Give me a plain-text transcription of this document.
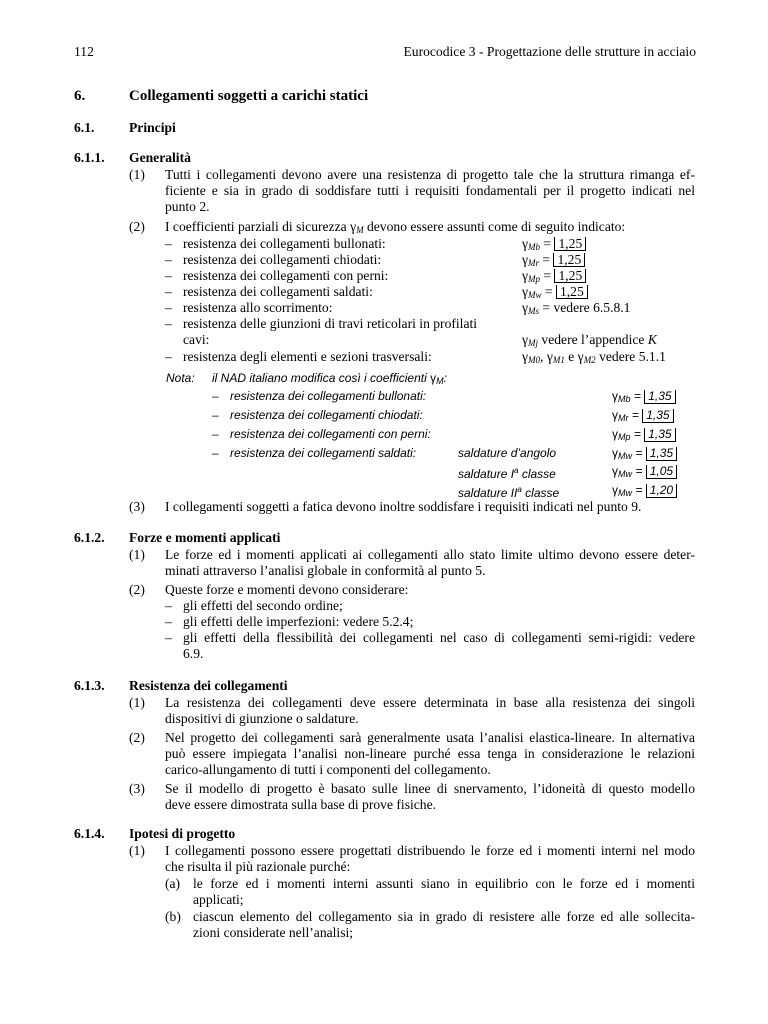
112	Eurocodice 3 - Progettazione delle strutture in acciaio
6.	Collegamenti soggetti a carichi statici
6.1.	Principi
6.1.1. Generalità
(1) Tutti i collegamenti devono avere una resistenza di progetto tale che la struttura rimanga ef-
ficiente e sia in grado di soddisfare tutti i requisiti fondamentali per il progetto indicati nel
punto 2.
(2) I coefficienti parziali di sicurezza $\gamma_M$ devono essere assunti come di seguito indicato:
– resistenza dei collegamenti bullonati:	$\gamma_{Mb} = 1,25$
– resistenza dei collegamenti chiodati:	$\gamma_{Mr} = 1,25$
– resistenza dei collegamenti con perni:	$\gamma_{Mp} = 1,25$
– resistenza dei collegamenti saldati:	$\gamma_{Mw} = 1,25$
– resistenza allo scorrimento:	$\gamma_{Ms}$ = vedere 6.5.8.1
– resistenza delle giunzioni di travi reticolari in profilati
cavi:	$\gamma_{Mj}$ vedere l’appendice K
– resistenza degli elementi e sezioni trasversali:	$\gamma_{M0}$, $\gamma_{M1}$ e $\gamma_{M2}$ vedere 5.1.1
Nota: il NAD italiano modifica così i coefficienti $\gamma_M$:
– resistenza dei collegamenti bullonati:	$\gamma_{Mb} = 1,35$
– resistenza dei collegamenti chiodati:	$\gamma_{Mr} = 1,35$
– resistenza dei collegamenti con perni:	$\gamma_{Mp} = 1,35$
– resistenza dei collegamenti saldati:	saldature d’angolo	$\gamma_{Mw} = 1,35$
saldature $I^a$ classe	$\gamma_{Mw} = 1,05$
saldature $II^a$ classe	$\gamma_{Mw} = 1,20$
(3) I collegamenti soggetti a fatica devono inoltre soddisfare i requisiti indicati nel punto 9.
6.1.2. Forze e momenti applicati
(1) Le forze ed i momenti applicati ai collegamenti allo stato limite ultimo devono essere deter-
minati attraverso l’analisi globale in conformità al punto 5.
(2) Queste forze e momenti devono considerare:
– gli effetti del secondo ordine;
– gli effetti delle imperfezioni: vedere 5.2.4;
– gli effetti della flessibilità dei collegamenti nel caso di collegamenti semi-rigidi: vedere
6.9.
6.1.3. Resistenza dei collegamenti
(1) La resistenza dei collegamenti deve essere determinata in base alla resistenza dei singoli
dispositivi di giunzione o saldature.
(2) Nel progetto dei collegamenti sarà generalmente usata l’analisi elastica-lineare. In alternativa
può essere impiegata l’analisi non-lineare purché essa tenga in considerazione le relazioni
carico-allungamento di tutti i componenti del collegamento.
(3) Se il modello di progetto è basato sulle linee di snervamento, l’idoneità di questo modello
deve essere dimostrata sulla base di prove fisiche.
6.1.4. Ipotesi di progetto
(1) I collegamenti possono essere progettati distribuendo le forze ed i momenti interni nel modo
che risulta il più razionale purché:
(a) le forze ed i momenti interni assunti siano in equilibrio con le forze ed i momenti
applicati;
(b) ciascun elemento del collegamento sia in grado di resistere alle forze ed alle sollecita-
zioni considerate nell’analisi;
